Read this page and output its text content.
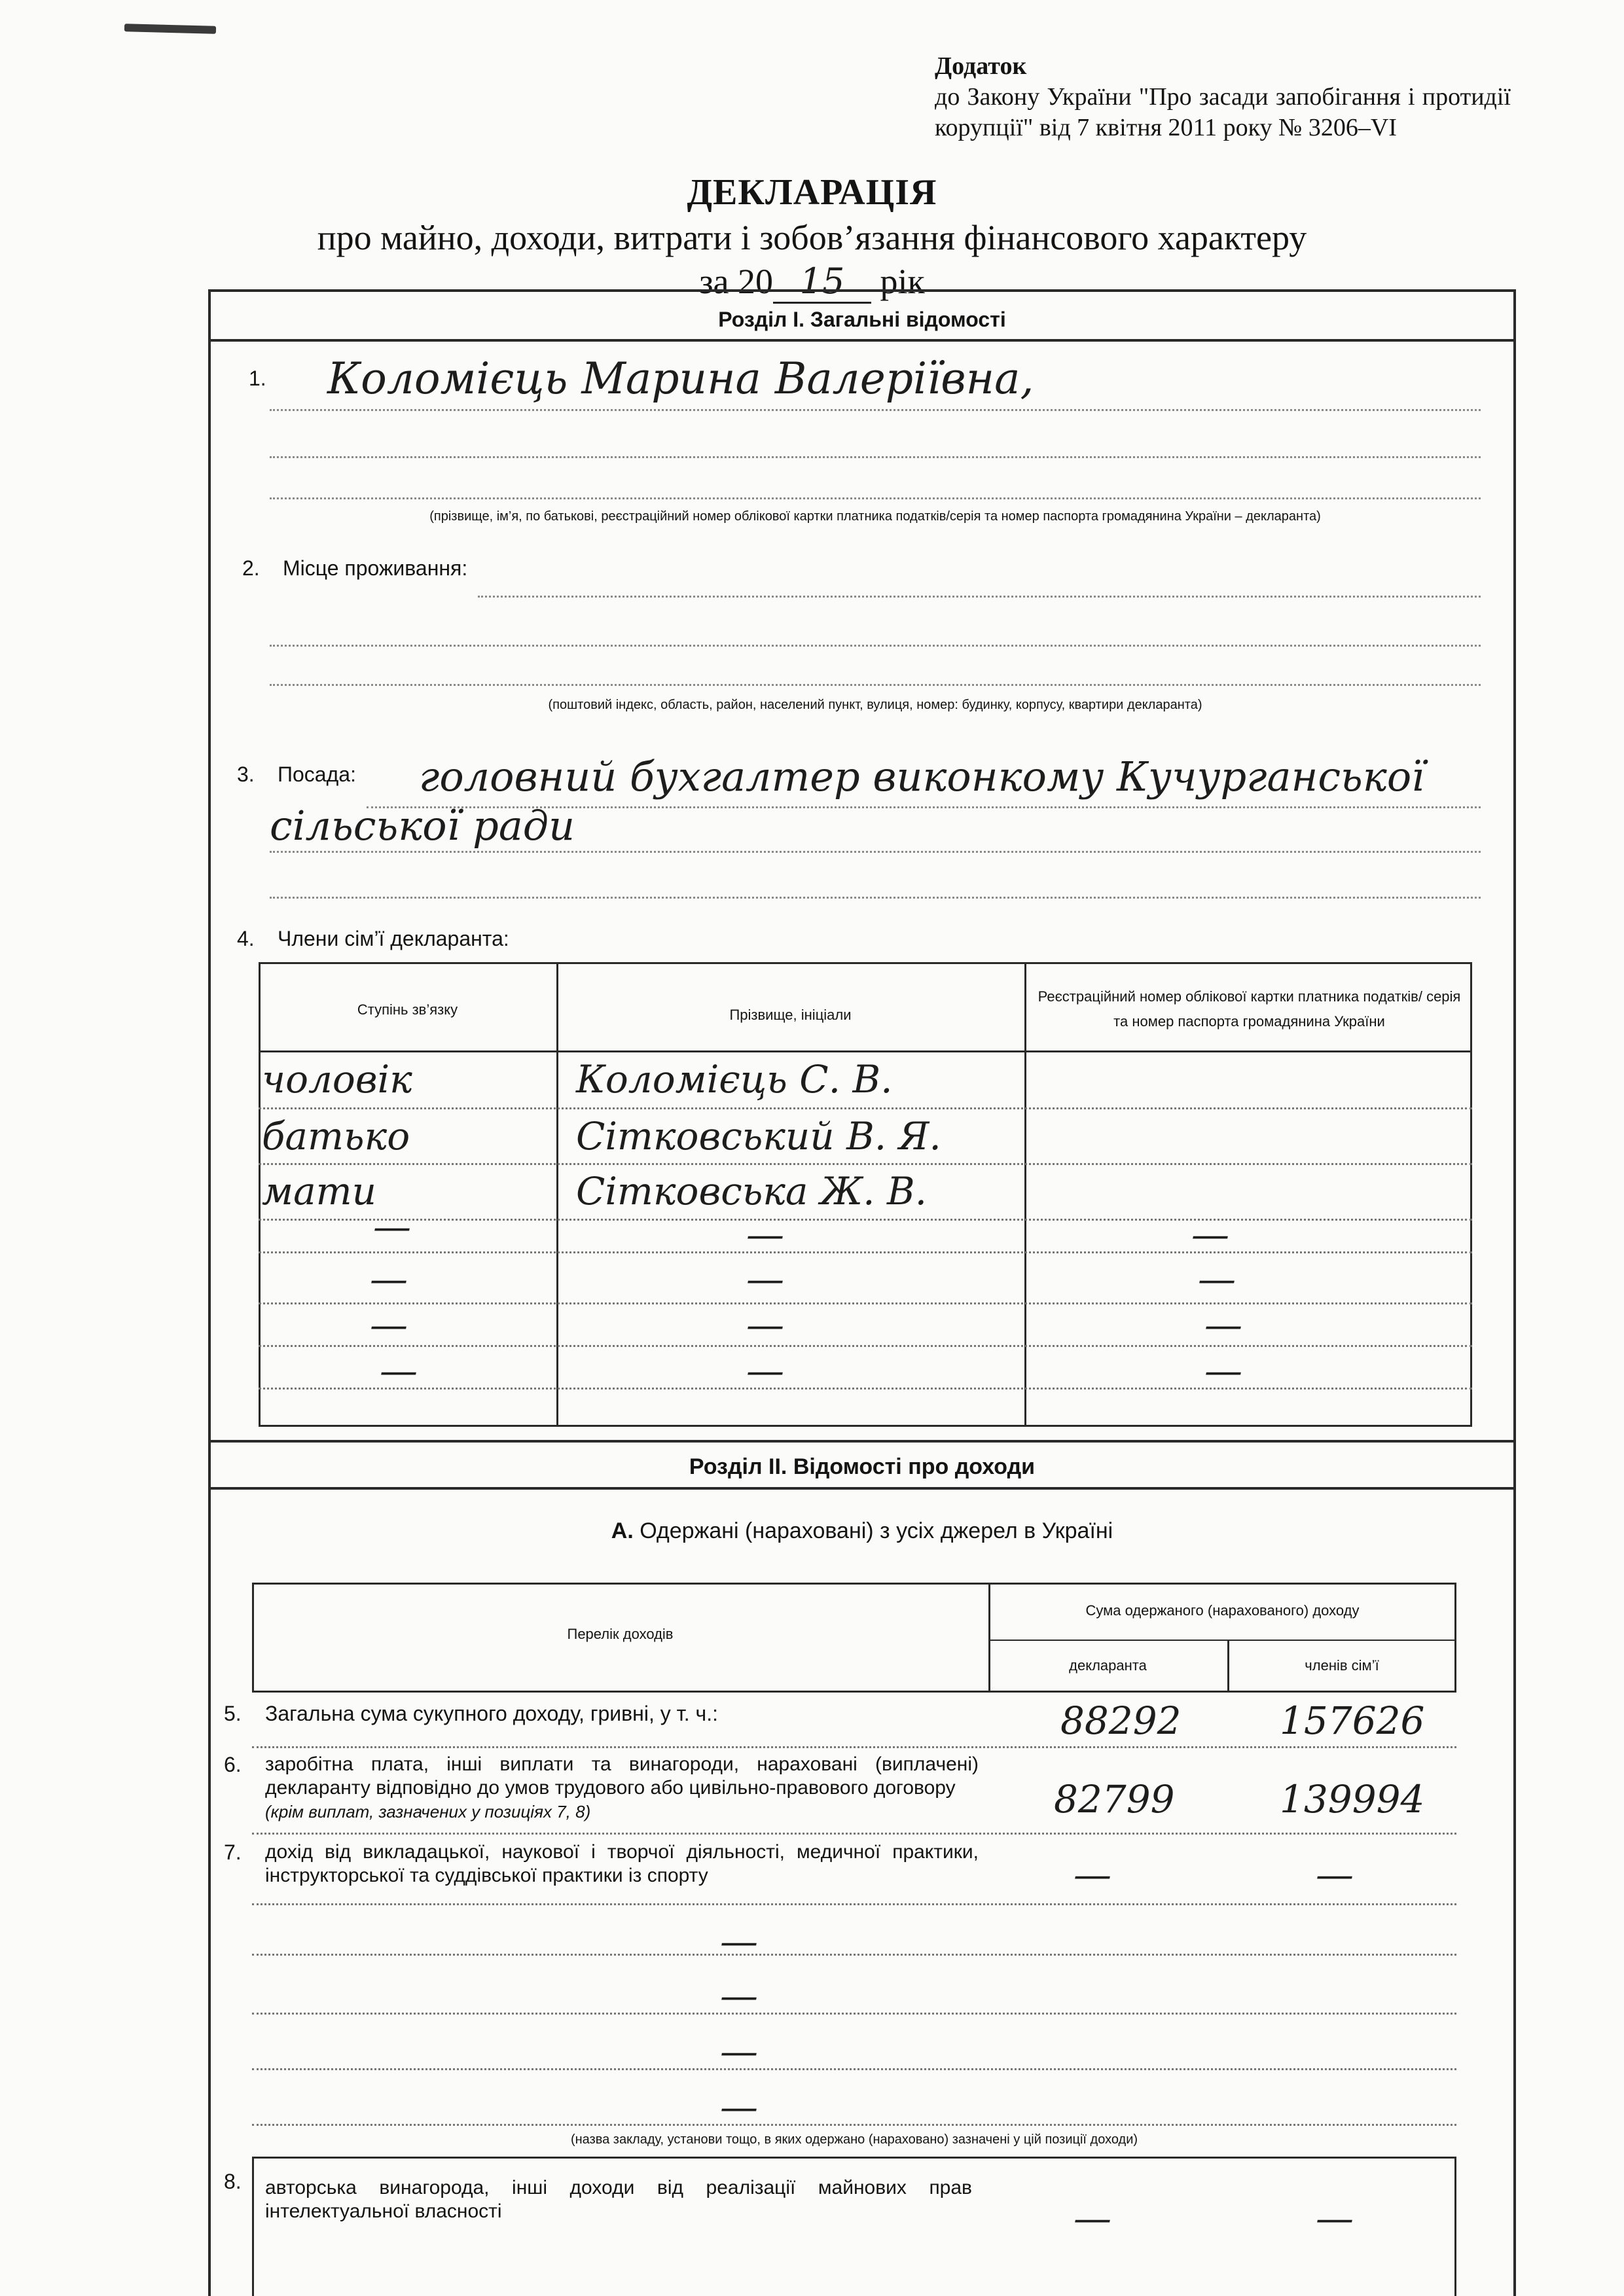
Додаток
до Закону України "Про засади запобігання і протидії корупції" від 7 квітня 2011 року № 3206–VI
ДЕКЛАРАЦІЯ
про майно, доходи, витрати і зобов’язання фінансового характеру
за 20 15 рік
Розділ I. Загальні відомості
1. Коломієць Марина Валеріївна,
(прізвище, ім’я, по батькові, реєстраційний номер облікової картки платника податків/серія та номер паспорта громадянина України – декларанта)
2. Місце проживання:
(поштовий індекс, область, район, населений пункт, вулиця, номер: будинку, корпусу, квартири декларанта)
3. Посада: головний бухгалтер виконкому Кучурганської
сільської ради
4. Члени сім’ї декларанта:
Ступінь зв’язку	Прізвище, ініціали
Реєстраційний номер облікової картки платника податків/ серія
та номер паспорта громадянина України
чоловік	Коломієць С. В.
батько	Сітковський В. Я.
мати	Сітковська Ж. В.
—	—	—
—	—	—
—	—	—
—	—	—
Розділ II. Відомості про доходи
А. Одержані (нараховані) з усіх джерел в Україні
Перелік доходів
Сума одержаного (нарахованого) доходу
декларанта	членів сім’ї
5. Загальна сума сукупного доходу, гривні, у т. ч.:	88292	157626
6. заробітна плата, інші виплати та винагороди, нараховані (виплачені) декларанту відповідно до умов трудового або цивільно-правового договору
(крім виплат, зазначених у позиціях 7, 8)	82799	139994
7. дохід від викладацької, наукової і творчої діяльності, медичної практики, інструкторської та суддівської практики із спорту	—	—
—
—
—
—
(назва закладу, установи тощо, в яких одержано (нараховано) зазначені у цій позиції доходи)
8. авторська винагорода, інші доходи від реалізації майнових прав інтелектуальної власності	—	—
